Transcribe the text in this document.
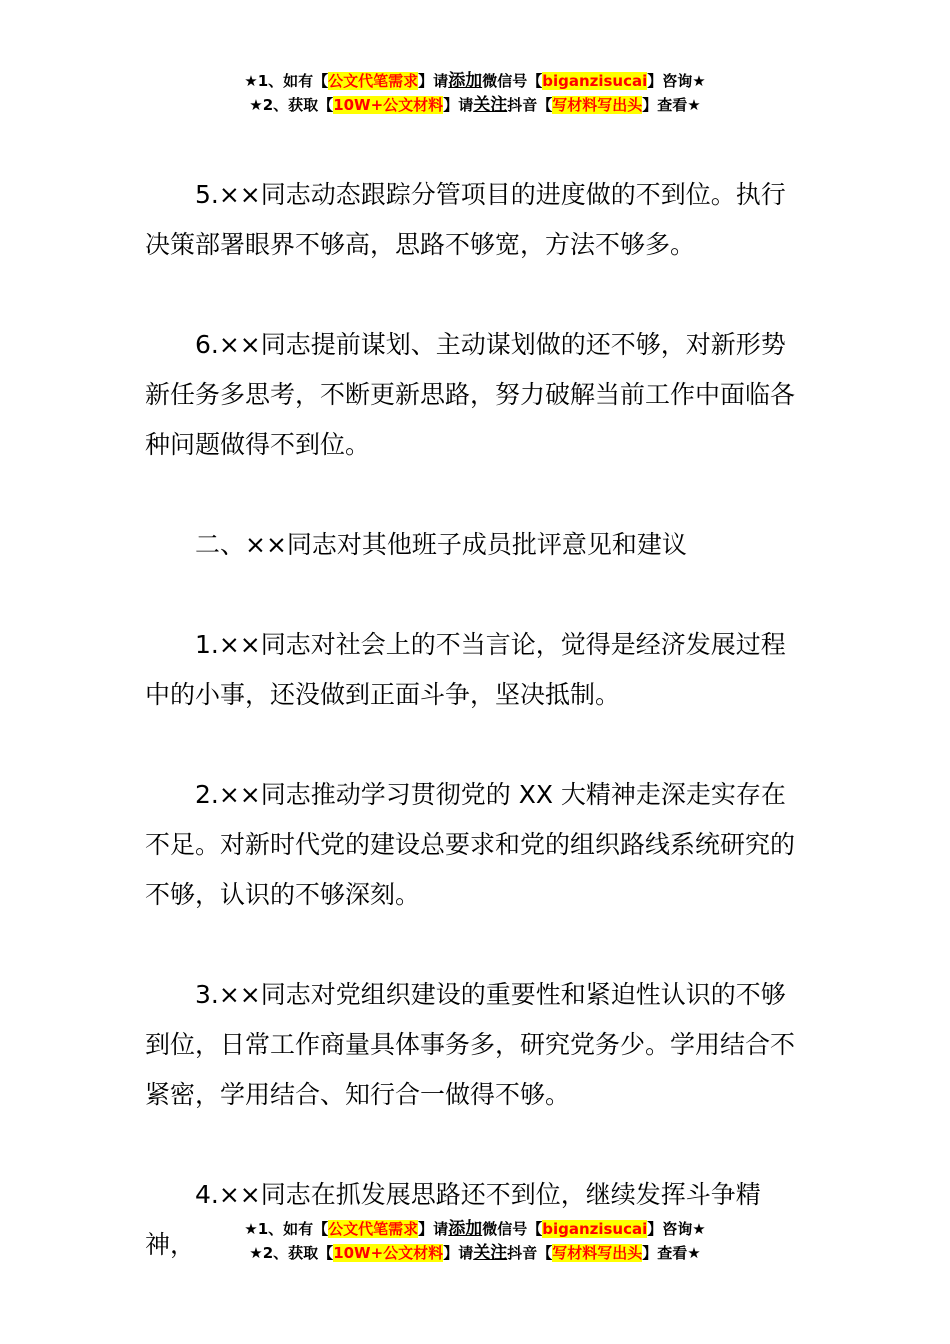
★1、如有【公文代笔需求】请添加微信号【biganzisucai】咨询★
★2、获取【10W+公文材料】请关注抖音【写材料写出头】查看★

5.××同志动态跟踪分管项目的进度做的不到位。执行决策部署眼界不够高，思路不够宽，方法不够多。

6.××同志提前谋划、主动谋划做的还不够，对新形势新任务多思考，不断更新思路，努力破解当前工作中面临各种问题做得不到位。

二、××同志对其他班子成员批评意见和建议

1.××同志对社会上的不当言论，觉得是经济发展过程中的小事，还没做到正面斗争，坚决抵制。

2.××同志推动学习贯彻党的 XX 大精神走深走实存在不足。对新时代党的建设总要求和党的组织路线系统研究的不够，认识的不够深刻。

3.××同志对党组织建设的重要性和紧迫性认识的不够到位，日常工作商量具体事务多，研究党务少。学用结合不紧密，学用结合、知行合一做得不够。

4.××同志在抓发展思路还不到位，继续发挥斗争精神，

★1、如有【公文代笔需求】请添加微信号【biganzisucai】咨询★
★2、获取【10W+公文材料】请关注抖音【写材料写出头】查看★
